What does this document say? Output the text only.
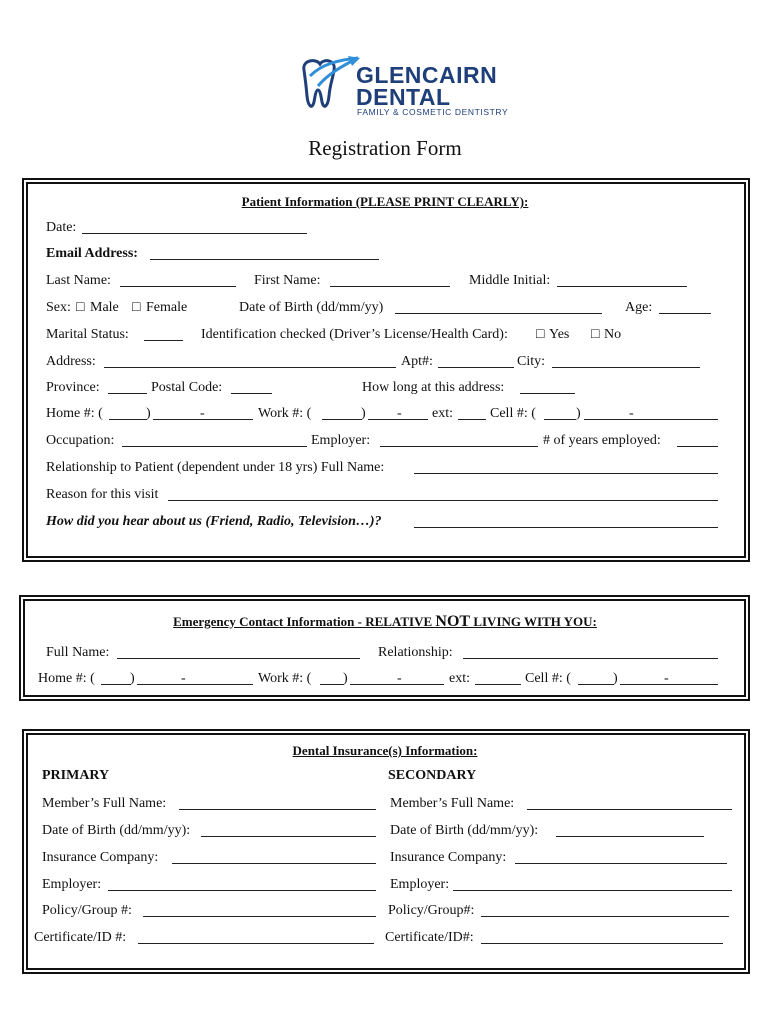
GLENCAIRN
DENTAL
FAMILY & COSMETIC DENTISTRY
Registration Form
Patient Information (PLEASE PRINT CLEARLY):
Date:
Email Address:
Last Name:	First Name:	Middle Initial:
Sex: □ Male □ Female	Date of Birth (dd/mm/yy)	Age:
Marital Status:	Identification checked (Driver’s License/Health Card): □ Yes □ No
Address:	Apt#:	City:
Province:	Postal Code:	How long at this address:
Home #: (	)	-	Work #: (	) - ext:	Cell #: (	)	-
Occupation:	Employer:	# of years employed:
Relationship to Patient (dependent under 18 yrs) Full Name:
Reason for this visit
How did you hear about us (Friend, Radio, Television…)?
Emergency Contact Information - RELATIVE NOT LIVING WITH YOU:
Full Name:	Relationship:
Home #: (	)	-	Work #: ( )	-	ext:	Cell #: (	)	-
Dental Insurance(s) Information:
PRIMARY	SECONDARY
Member’s Full Name:	Member’s Full Name:
Date of Birth (dd/mm/yy):	Date of Birth (dd/mm/yy):
Insurance Company:	Insurance Company:
Employer:	Employer:
Policy/Group #:	Policy/Group#:
Certificate/ID #:	Certificate/ID#:
